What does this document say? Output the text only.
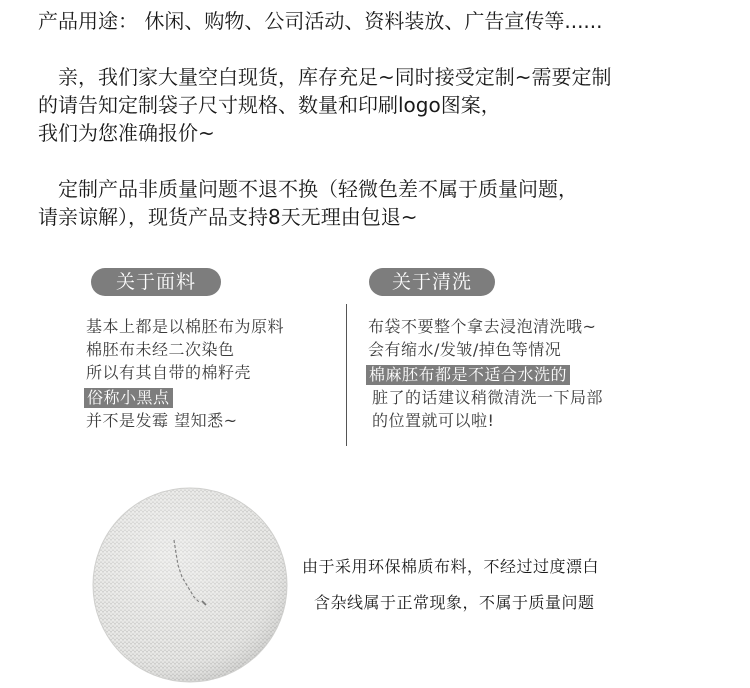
产品用途： 休闲、购物、公司活动、资料装放、广告宣传等......
亲，我们家大量空白现货，库存充足~同时接受定制~需要定制
的请告知定制袋子尺寸规格、数量和印刷logo图案，
我们为您准确报价~
定制产品非质量问题不退不换（轻微色差不属于质量问题，
请亲谅解），现货产品支持8天无理由包退~
关于面料
基本上都是以棉胚布为原料
棉胚布未经二次染色
所以有其自带的棉籽壳
俗称小黑点
并不是发霉 望知悉~
关于清洗
布袋不要整个拿去浸泡清洗哦~
会有缩水/发皱/掉色等情况
棉麻胚布都是不适合水洗的
脏了的话建议稍微清洗一下局部
的位置就可以啦!
由于采用环保棉质布料，不经过过度漂白
含杂线属于正常现象，不属于质量问题
